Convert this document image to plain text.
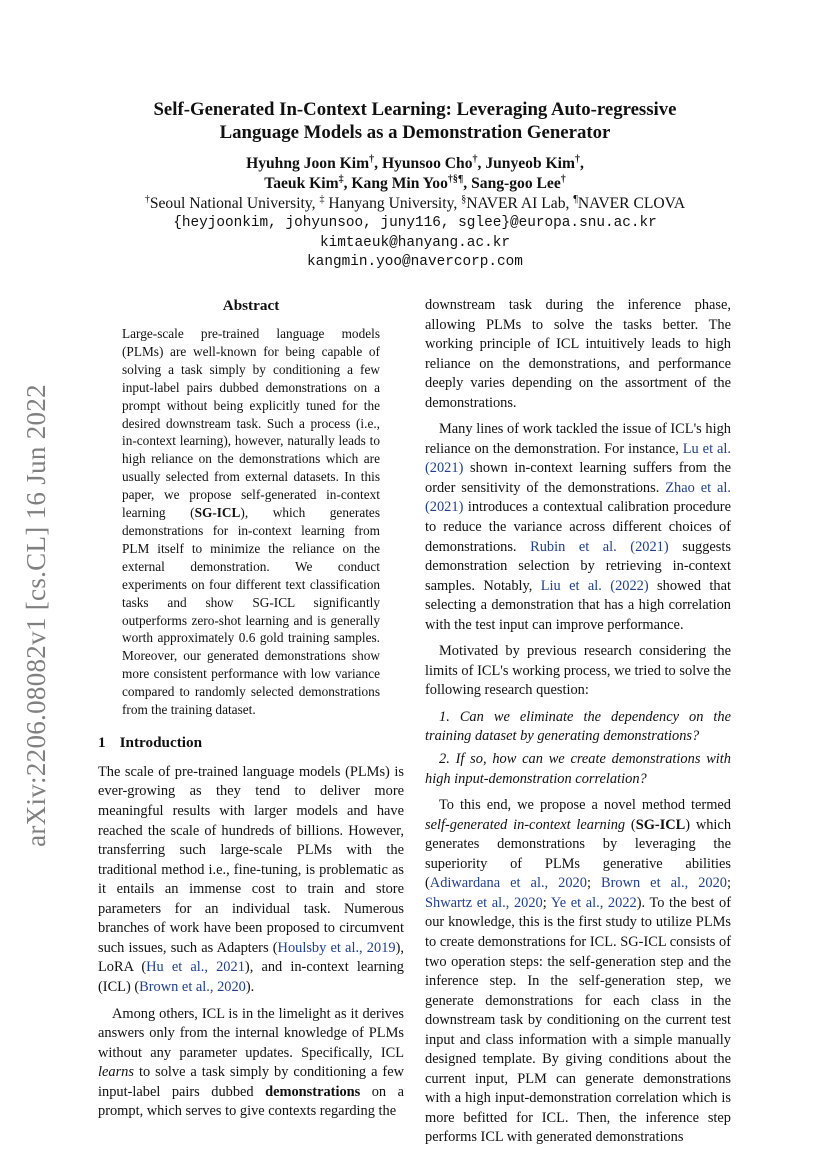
arXiv:2206.08082v1 [cs.CL] 16 Jun 2022
Self-Generated In-Context Learning: Leveraging Auto-regressive
Language Models as a Demonstration Generator
Hyuhng Joon Kim†, Hyunsoo Cho†, Junyeob Kim†,
Taeuk Kim‡, Kang Min Yoo†§¶, Sang-goo Lee†
†Seoul National University, ‡ Hanyang University, §NAVER AI Lab, ¶NAVER CLOVA
{heyjoonkim, johyunsoo, juny116, sglee}@europa.snu.ac.kr
kimtaeuk@hanyang.ac.kr
kangmin.yoo@navercorp.com
Abstract
Large-scale pre-trained language models (PLMs) are well-known for being capable of solving a task simply by conditioning a few input-label pairs dubbed demonstrations on a prompt without being explicitly tuned for the desired downstream task. Such a process (i.e., in-context learning), however, naturally leads to high reliance on the demonstrations which are usually selected from external datasets. In this paper, we propose self-generated in-context learning (SG-ICL), which generates demonstrations for in-context learning from PLM itself to minimize the reliance on the external demonstration. We conduct experiments on four different text classification tasks and show SG-ICL significantly outperforms zero-shot learning and is generally worth approximately 0.6 gold training samples. Moreover, our generated demonstrations show more consistent performance with low variance compared to randomly selected demonstrations from the training dataset.
1 Introduction

The scale of pre-trained language models (PLMs) is ever-growing as they tend to deliver more meaningful results with larger models and have reached the scale of hundreds of billions. However, transferring such large-scale PLMs with the traditional method i.e., fine-tuning, is problematic as it entails an immense cost to train and store parameters for an individual task. Numerous branches of work have been proposed to circumvent such issues, such as Adapters (Houlsby et al., 2019), LoRA (Hu et al., 2021), and in-context learning (ICL) (Brown et al., 2020).

Among others, ICL is in the limelight as it derives answers only from the internal knowledge of PLMs without any parameter updates. Specifically, ICL learns to solve a task simply by conditioning a few input-label pairs dubbed demonstrations on a prompt, which serves to give contexts regarding the

downstream task during the inference phase, allowing PLMs to solve the tasks better. The working principle of ICL intuitively leads to high reliance on the demonstrations, and performance deeply varies depending on the assortment of the demonstrations.

Many lines of work tackled the issue of ICL's high reliance on the demonstration. For instance, Lu et al. (2021) shown in-context learning suffers from the order sensitivity of the demonstrations. Zhao et al. (2021) introduces a contextual calibration procedure to reduce the variance across different choices of demonstrations. Rubin et al. (2021) suggests demonstration selection by retrieving in-context samples. Notably, Liu et al. (2022) showed that selecting a demonstration that has a high correlation with the test input can improve performance.

Motivated by previous research considering the limits of ICL's working process, we tried to solve the following research question:

1. Can we eliminate the dependency on the training dataset by generating demonstrations?

2. If so, how can we create demonstrations with high input-demonstration correlation?

To this end, we propose a novel method termed self-generated in-context learning (SG-ICL) which generates demonstrations by leveraging the superiority of PLMs generative abilities (Adiwardana et al., 2020; Brown et al., 2020; Shwartz et al., 2020; Ye et al., 2022). To the best of our knowledge, this is the first study to utilize PLMs to create demonstrations for ICL. SG-ICL consists of two operation steps: the self-generation step and the inference step. In the self-generation step, we generate demonstrations for each class in the downstream task by conditioning on the current test input and class information with a simple manually designed template. By giving conditions about the current input, PLM can generate demonstrations with a high input-demonstration correlation which is more befitted for ICL. Then, the inference step performs ICL with generated demonstrations
